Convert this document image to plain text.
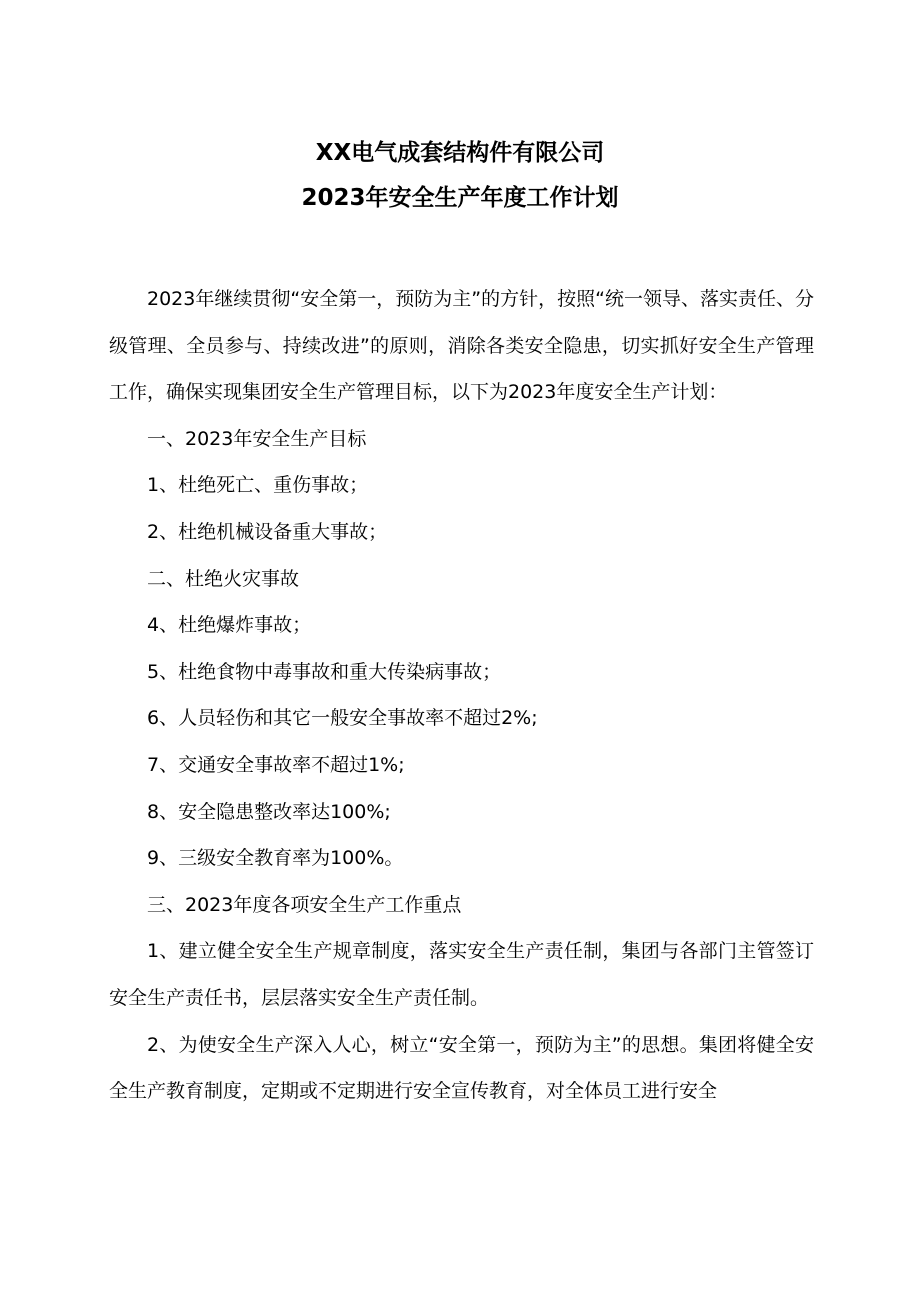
XX电气成套结构件有限公司
2023年安全生产年度工作计划

2023年继续贯彻“安全第一，预防为主”的方针，按照“统一领导、落实责任、分级管理、全员参与、持续改进”的原则，消除各类安全隐患，切实抓好安全生产管理工作，确保实现集团安全生产管理目标，以下为2023年度安全生产计划：

一、2023年安全生产目标

1、杜绝死亡、重伤事故；

2、杜绝机械设备重大事故；

二、杜绝火灾事故

4、杜绝爆炸事故；

5、杜绝食物中毒事故和重大传染病事故；

6、人员轻伤和其它一般安全事故率不超过2%;

7、交通安全事故率不超过1%;

8、安全隐患整改率达100%;

9、三级安全教育率为100%。

三、2023年度各项安全生产工作重点

1、建立健全安全生产规章制度，落实安全生产责任制，集团与各部门主管签订安全生产责任书，层层落实安全生产责任制。

2、为使安全生产深入人心，树立“安全第一，预防为主”的思想。集团将健全安全生产教育制度，定期或不定期进行安全宣传教育，对全体员工进行安全
